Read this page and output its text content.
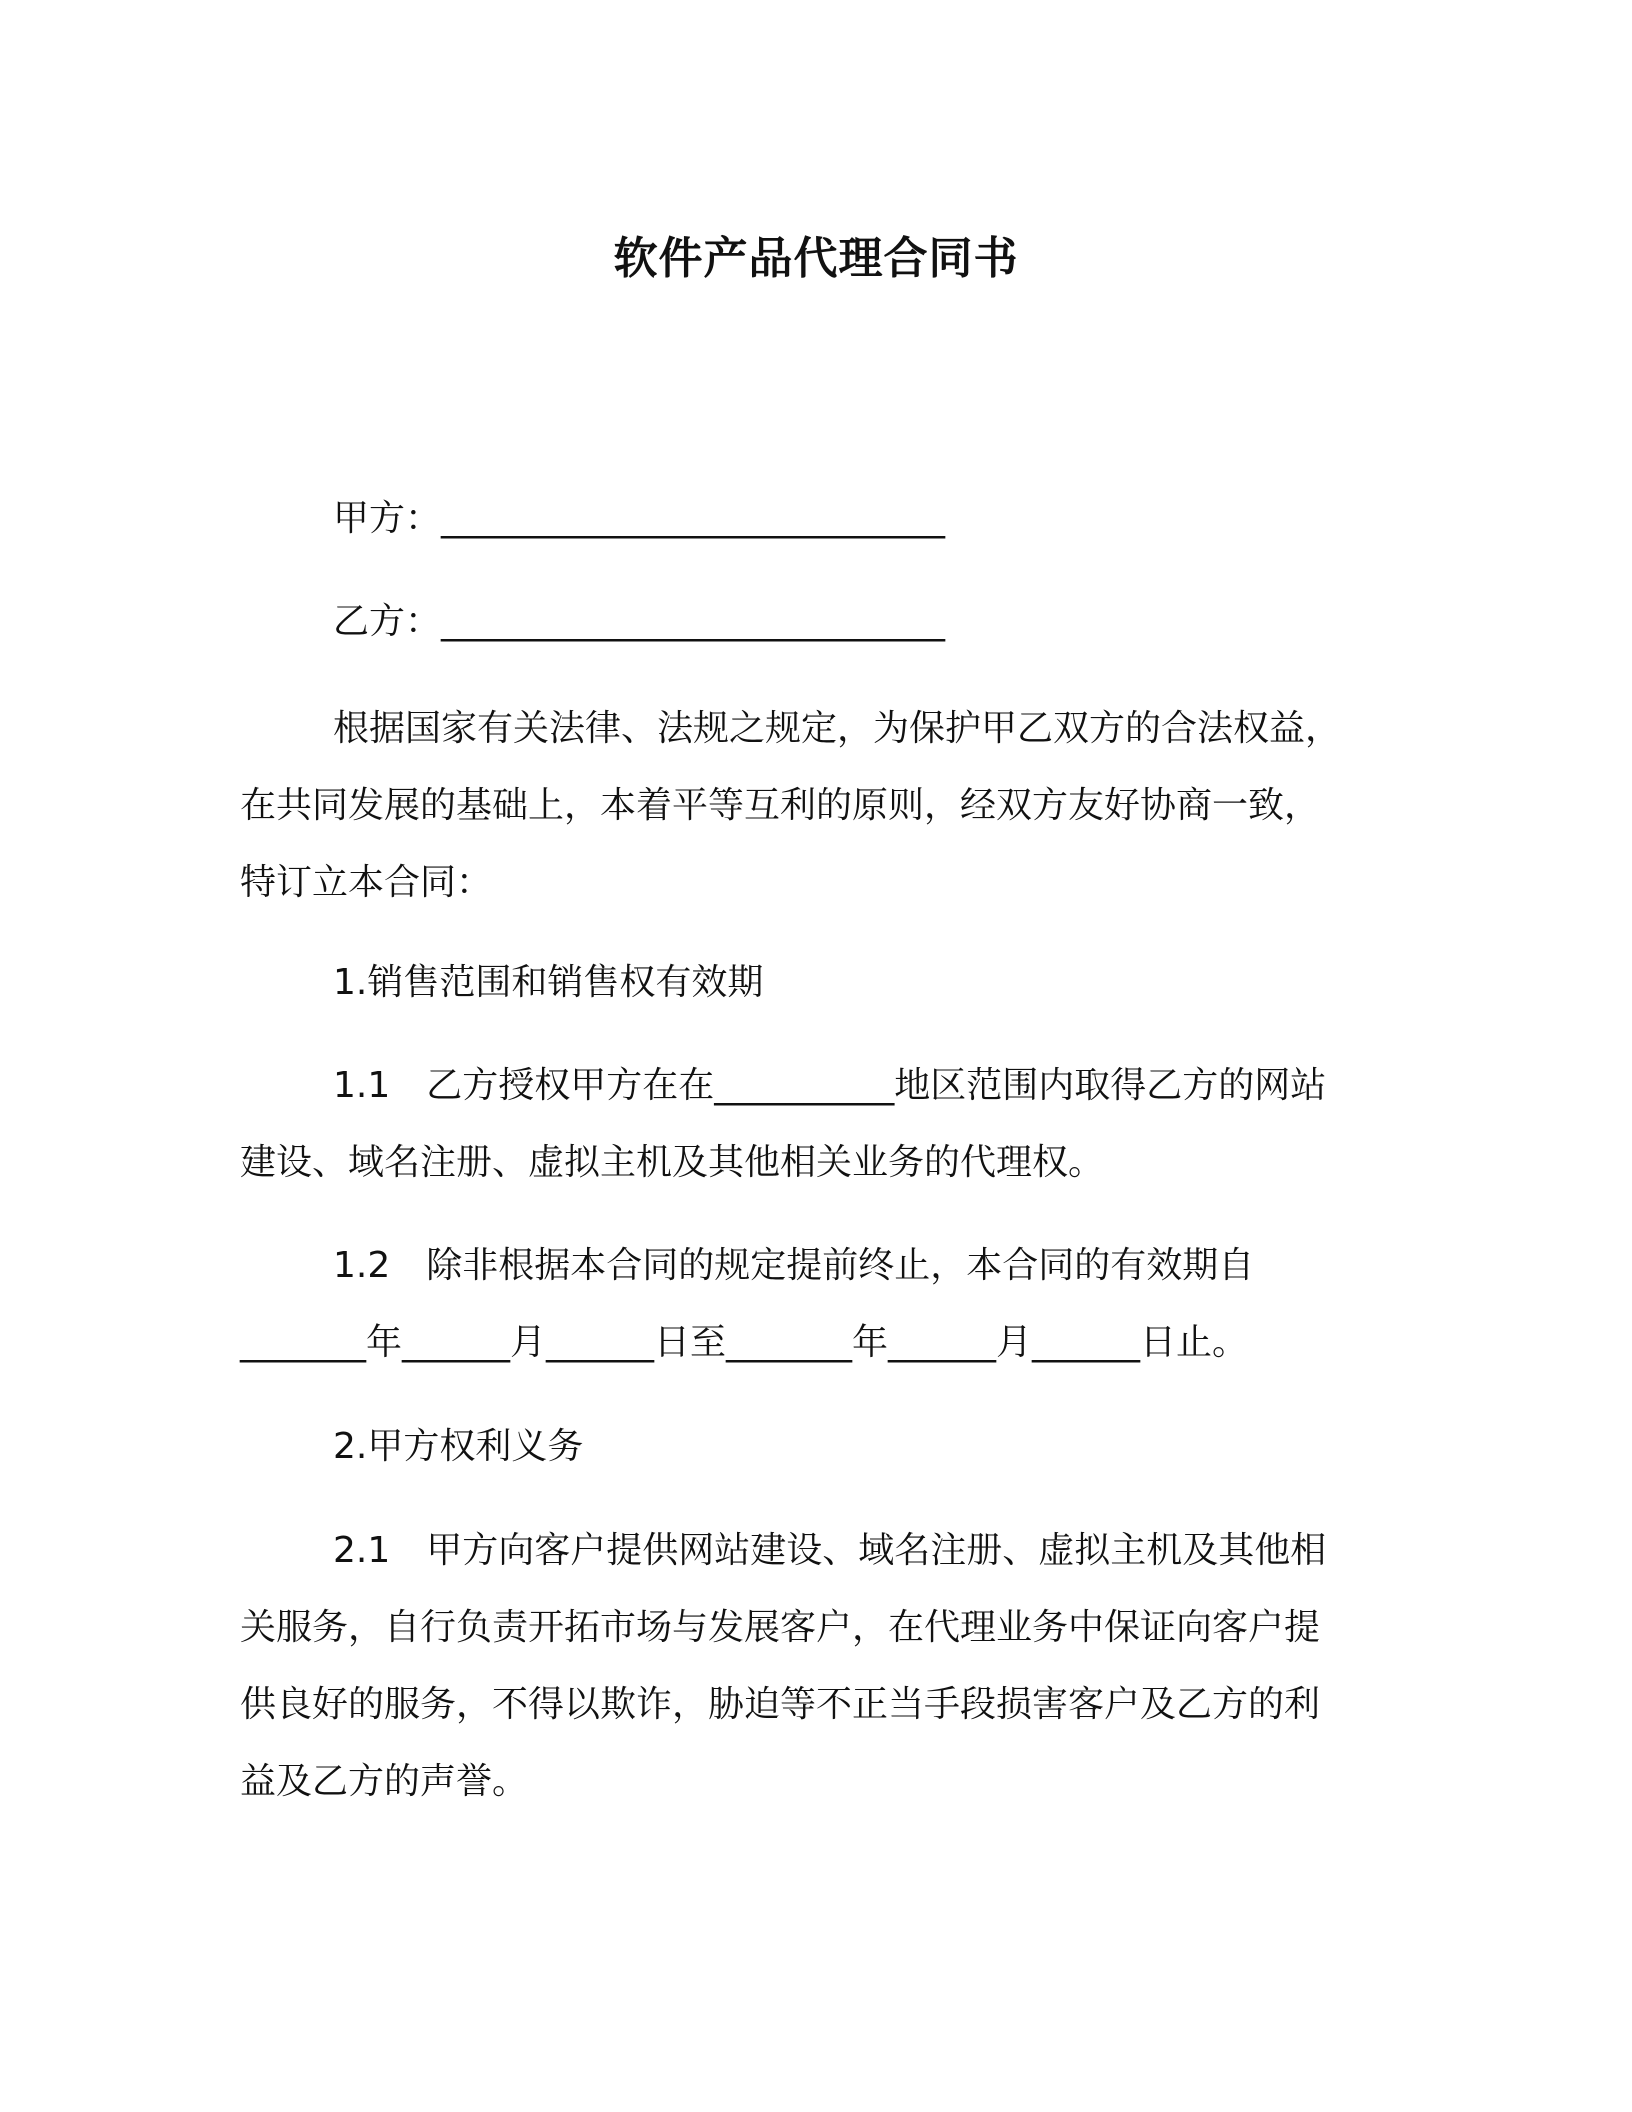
软件产品代理合同书
甲方：____________________________
乙方：____________________________
根据国家有关法律、法规之规定，为保护甲乙双方的合法权益，
在共同发展的基础上，本着平等互利的原则，经双方友好协商一致，
特订立本合同：
1.销售范围和销售权有效期
1.1　乙方授权甲方在在__________地区范围内取得乙方的网站
建设、域名注册、虚拟主机及其他相关业务的代理权。
1.2　除非根据本合同的规定提前终止，本合同的有效期自
_______年______月______日至_______年______月______日止。
2.甲方权利义务
2.1　甲方向客户提供网站建设、域名注册、虚拟主机及其他相
关服务，自行负责开拓市场与发展客户，在代理业务中保证向客户提
供良好的服务，不得以欺诈，胁迫等不正当手段损害客户及乙方的利
益及乙方的声誉。
